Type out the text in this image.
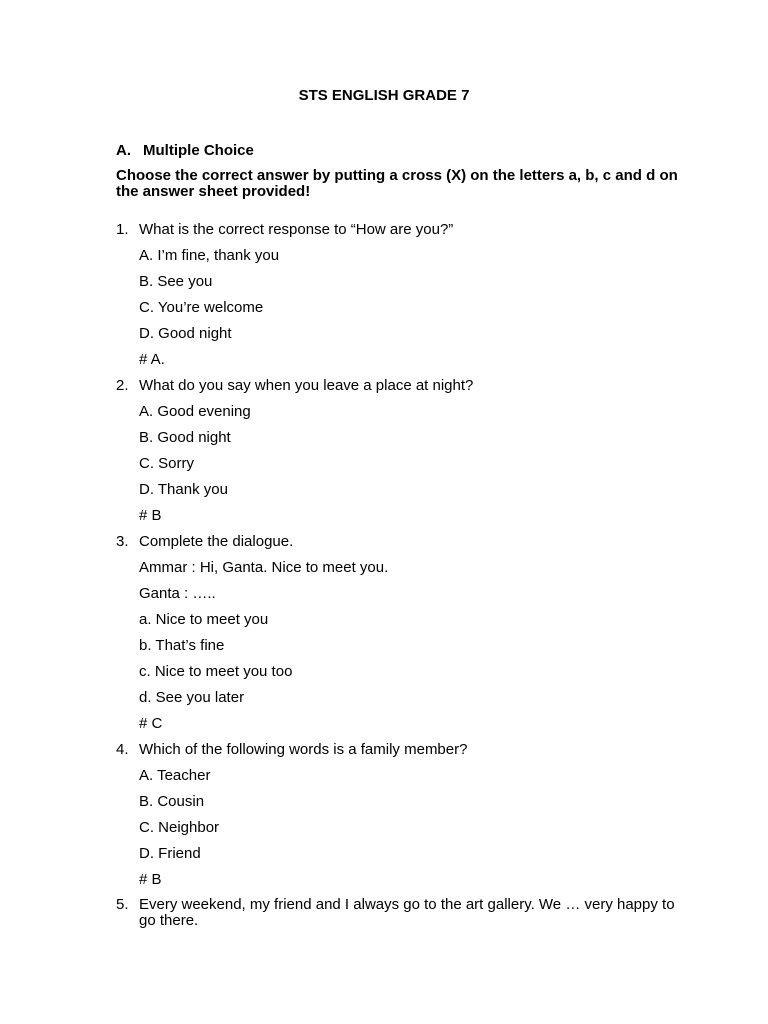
STS ENGLISH GRADE 7
A. Multiple Choice
Choose the correct answer by putting a cross (X) on the letters a, b, c and d on the answer sheet provided!
1. What is the correct response to “How are you?”
A. I’m fine, thank you
B. See you
C. You’re welcome
D. Good night
# A.
2. What do you say when you leave a place at night?
A. Good evening
B. Good night
C. Sorry
D. Thank you
# B
3. Complete the dialogue.
Ammar : Hi, Ganta. Nice to meet you.
Ganta : …..
a. Nice to meet you
b. That’s fine
c. Nice to meet you too
d. See you later
# C
4. Which of the following words is a family member?
A. Teacher
B. Cousin
C. Neighbor
D. Friend
# B
5. Every weekend, my friend and I always go to the art gallery. We … very happy to go there.
